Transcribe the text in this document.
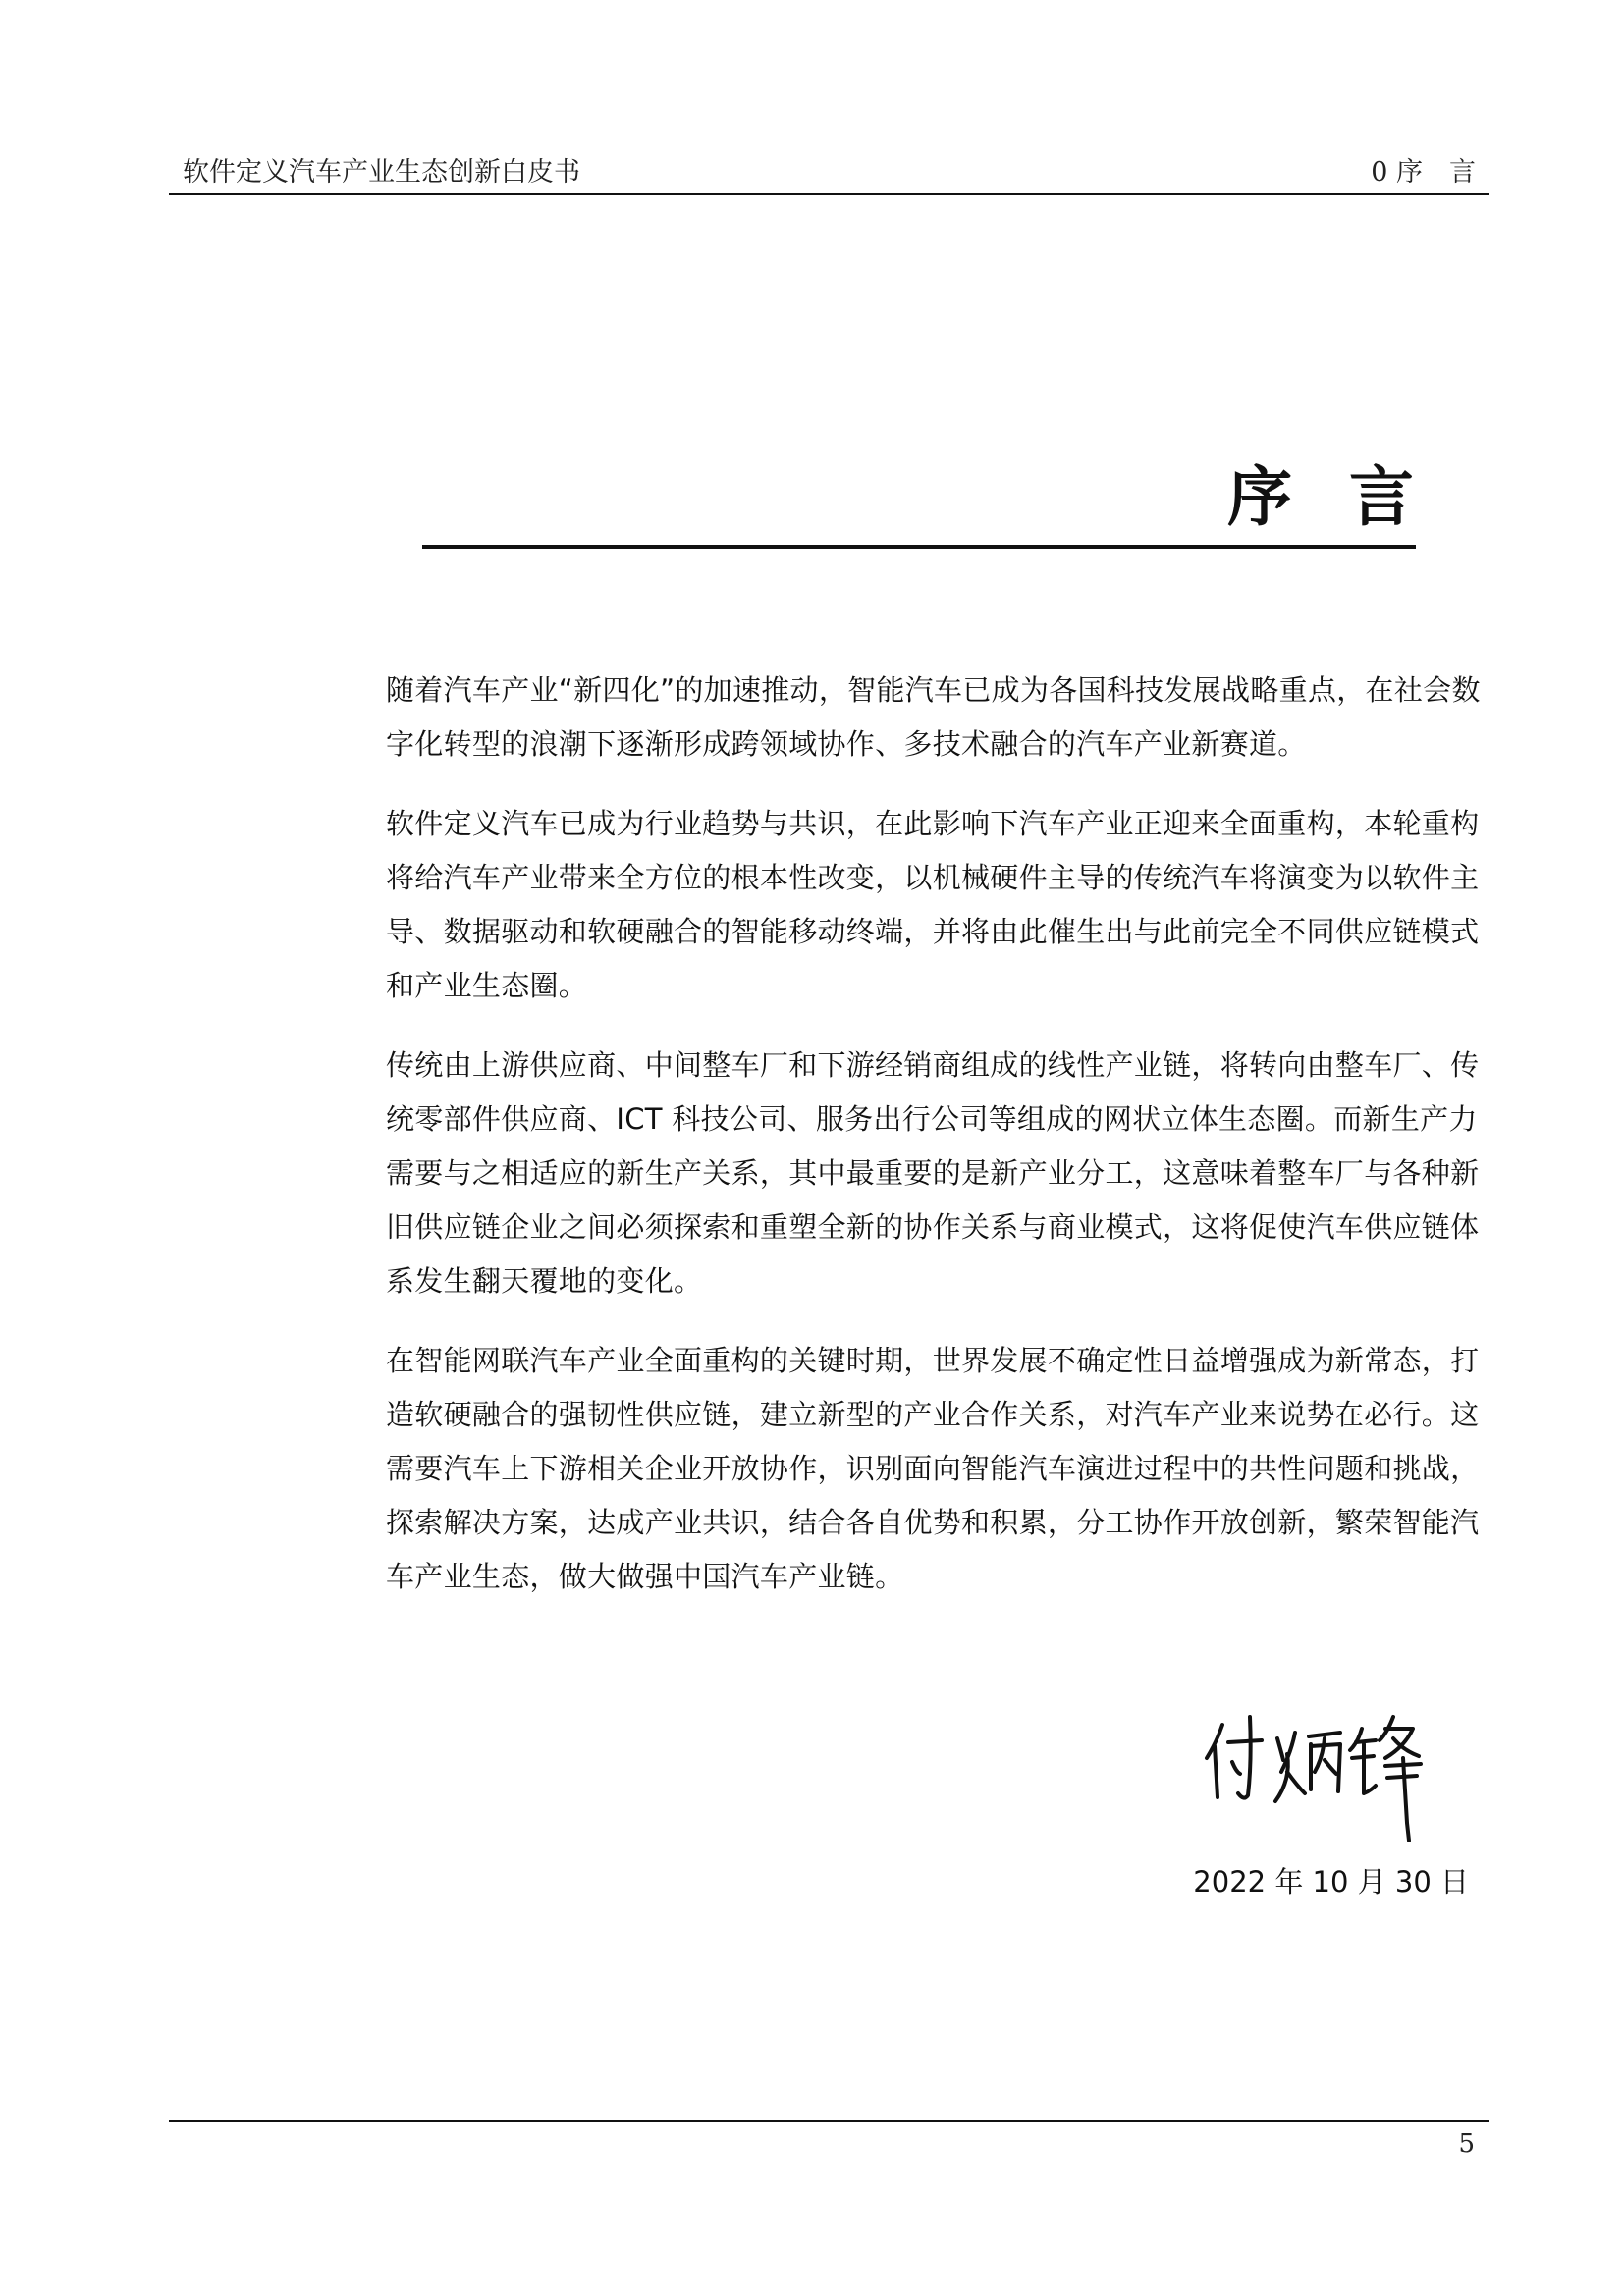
软件定义汽车产业生态创新白皮书	0 序　言
序 言

随着汽车产业“新四化”的加速推动，智能汽车已成为各国科技发展战略重点，在社会数字化转型的浪潮下逐渐形成跨领域协作、多技术融合的汽车产业新赛道。

软件定义汽车已成为行业趋势与共识，在此影响下汽车产业正迎来全面重构，本轮重构将给汽车产业带来全方位的根本性改变，以机械硬件主导的传统汽车将演变为以软件主导、数据驱动和软硬融合的智能移动终端，并将由此催生出与此前完全不同供应链模式和产业生态圈。

传统由上游供应商、中间整车厂和下游经销商组成的线性产业链，将转向由整车厂、传统零部件供应商、ICT 科技公司、服务出行公司等组成的网状立体生态圈。而新生产力需要与之相适应的新生产关系，其中最重要的是新产业分工，这意味着整车厂与各种新旧供应链企业之间必须探索和重塑全新的协作关系与商业模式，这将促使汽车供应链体系发生翻天覆地的变化。

在智能网联汽车产业全面重构的关键时期，世界发展不确定性日益增强成为新常态，打造软硬融合的强韧性供应链，建立新型的产业合作关系，对汽车产业来说势在必行。这需要汽车上下游相关企业开放协作，识别面向智能汽车演进过程中的共性问题和挑战，探索解决方案，达成产业共识，结合各自优势和积累，分工协作开放创新，繁荣智能汽车产业生态，做大做强中国汽车产业链。

2022 年 10 月 30 日
5
